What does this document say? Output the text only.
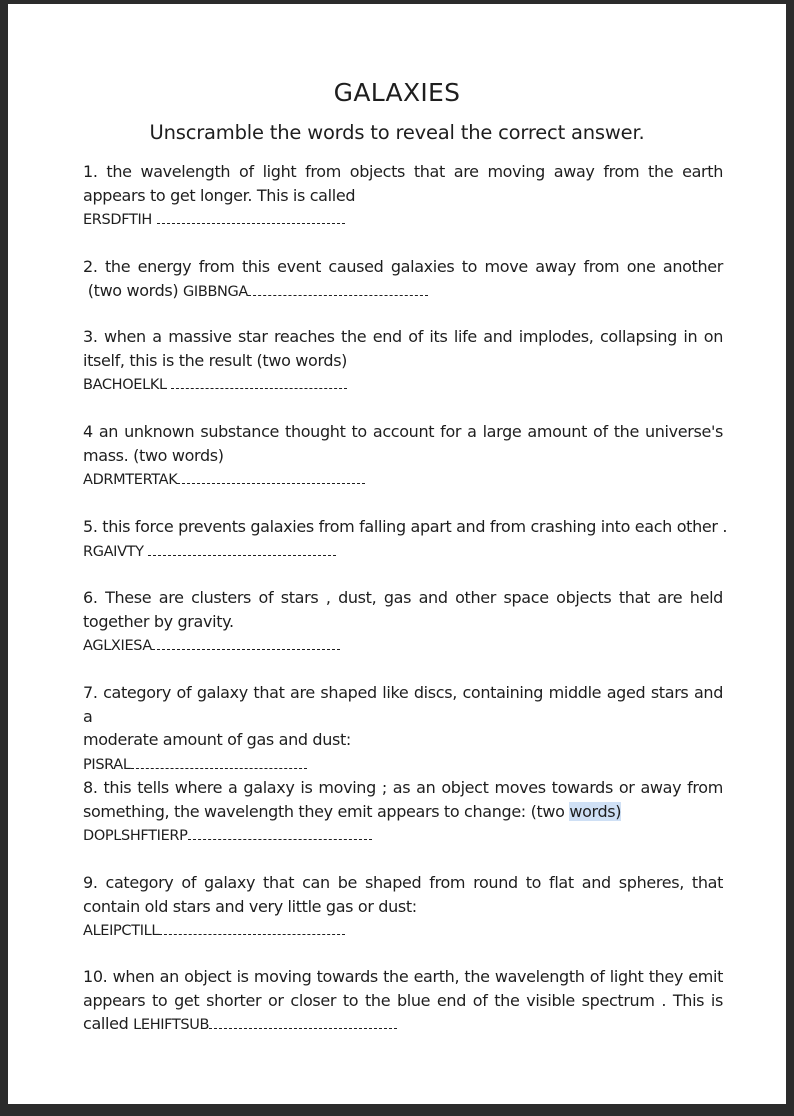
GALAXIES
Unscramble the words to reveal the correct answer.

1. the wavelength of light from objects that are moving away from the earth

appears to get longer. This is called

ERSDFTIH

2. the energy from this event caused galaxies to move away from one another

(two words) GIBBNGA

3. when a massive star reaches the end of its life and implodes, collapsing in on

itself, this is the result (two words)

BACHOELKL

4 an unknown substance thought to account for a large amount of the universe's

mass. (two words)

ADRMTERTAK

5. this force prevents galaxies from falling apart and from crashing into each other .

RGAIVTY

6. These are clusters of stars , dust, gas and other space objects that are held

together by gravity.

AGLXIESA

7. category of galaxy that are shaped like discs, containing middle aged stars and a

moderate amount of gas and dust:

PISRAL

8. this tells where a galaxy is moving ; as an object moves towards or away from

something, the wavelength they emit appears to change: (two words)

DOPLSHFTIERP

9. category of galaxy that can be shaped from round to flat and spheres, that

contain old stars and very little gas or dust:

ALEIPCTILL

10. when an object is moving towards the earth, the wavelength of light they emit

appears to get shorter or closer to the blue end of the visible spectrum . This is

called LEHIFTSUB
